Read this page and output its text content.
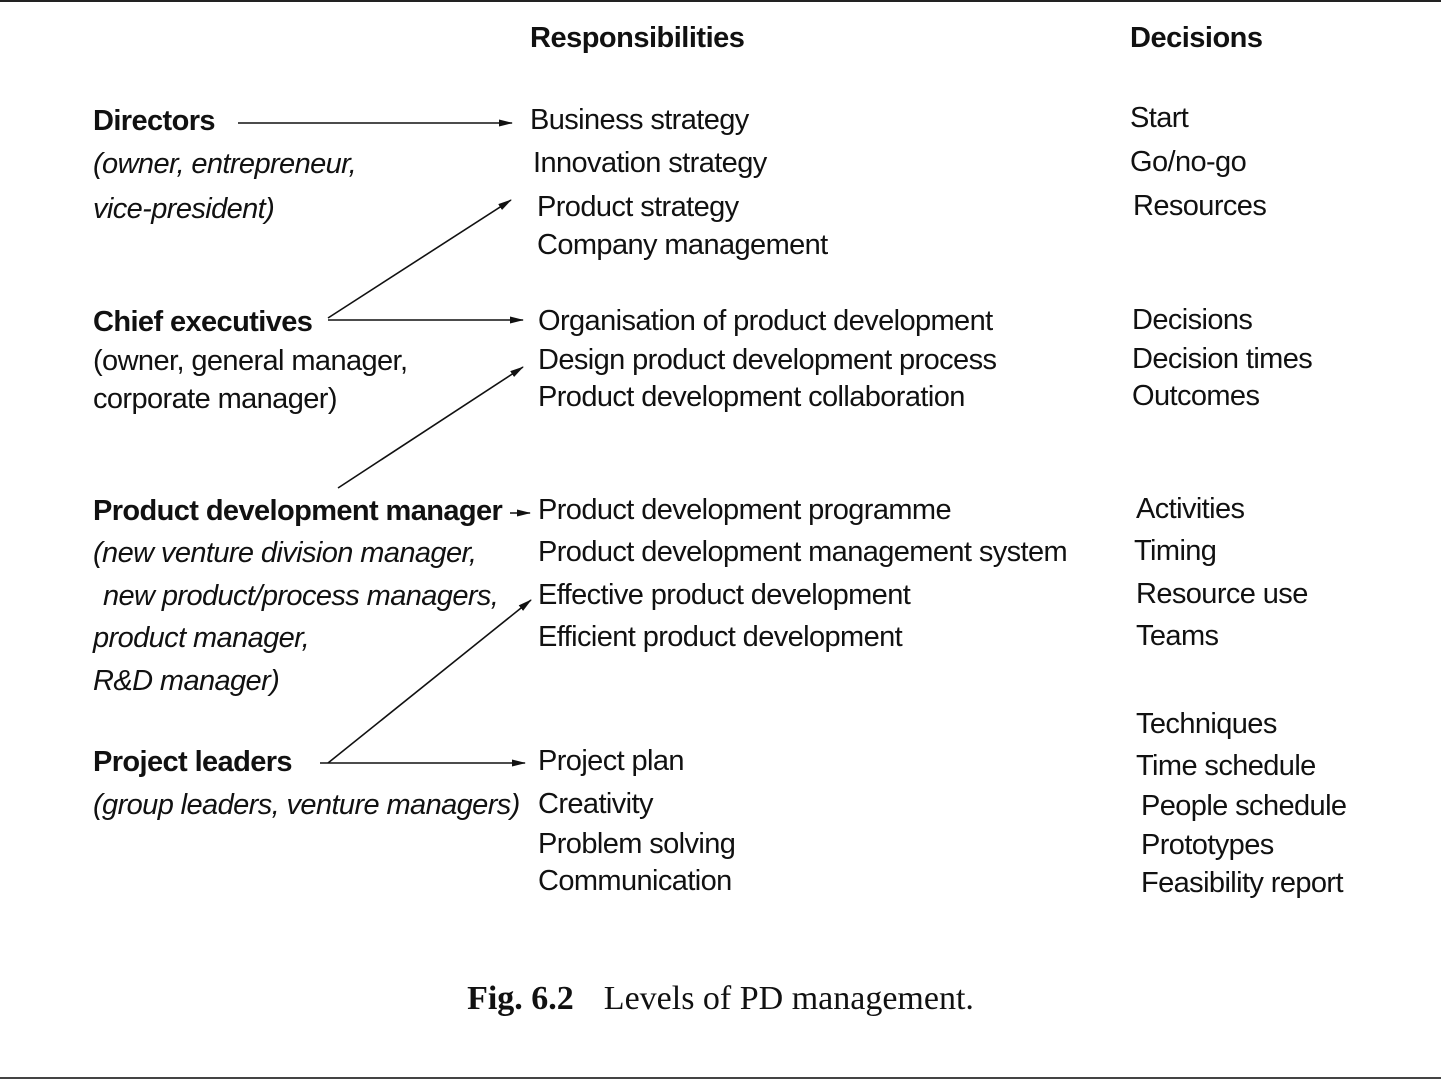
Responsibilities	Decisions
Directors
(owner, entrepreneur,
vice-president)
Business strategy
Innovation strategy
Product strategy
Company management
Start
Go/no-go
Resources
Chief executives
(owner, general manager,
corporate manager)
Organisation of product development
Design product development process
Product development collaboration
Decisions
Decision times
Outcomes
Product development manager
(new venture division manager,
new product/process managers,
product manager,
R&D manager)
Product development programme
Product development management system
Effective product development
Efficient product development
Activities
Timing
Resource use
Teams
Project leaders
(group leaders, venture managers)
Project plan
Creativity
Problem solving
Communication
Techniques
Time schedule
People schedule
Prototypes
Feasibility report
Fig. 6.2 Levels of PD management.
